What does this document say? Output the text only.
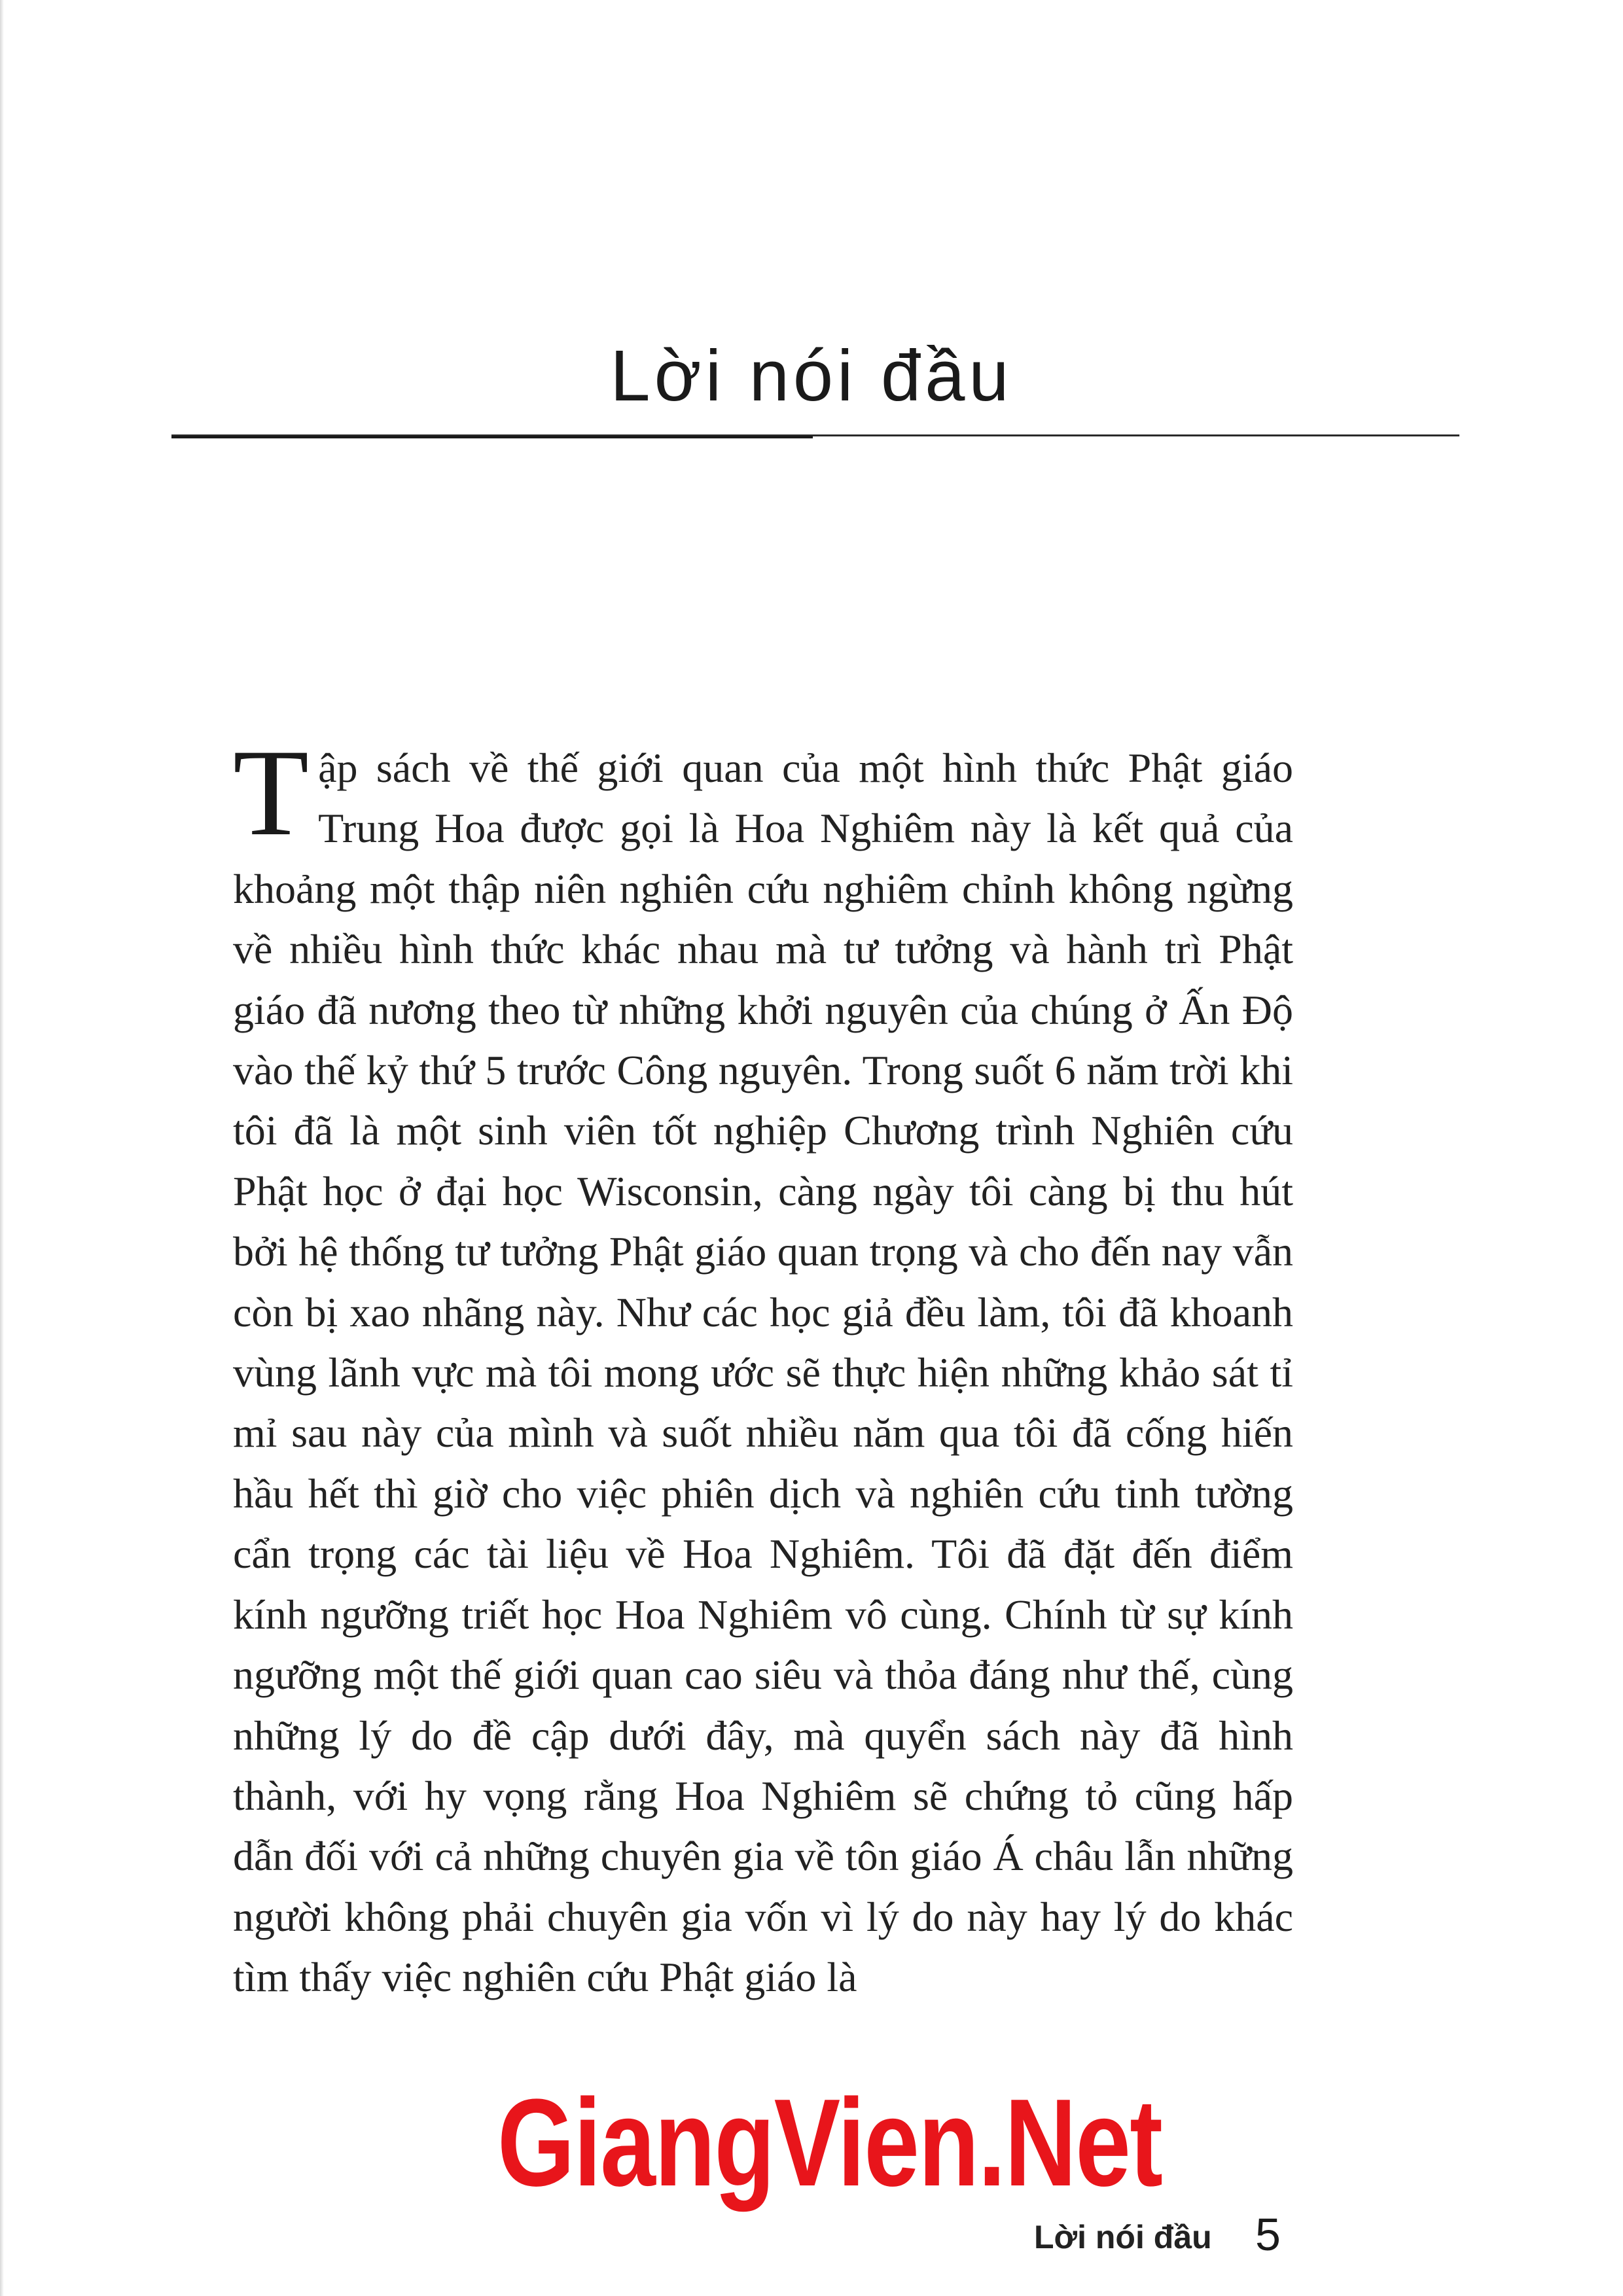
Lời nói đầu

Tập sách về thế giới quan của một hình thức Phật giáo Trung Hoa được gọi là Hoa Nghiêm này là kết quả của khoảng một thập niên nghiên cứu nghiêm chỉnh không ngừng về nhiều hình thức khác nhau mà tư tưởng và hành trì Phật giáo đã nương theo từ những khởi nguyên của chúng ở Ấn Độ vào thế kỷ thứ 5 trước Công nguyên. Trong suốt 6 năm trời khi tôi đã là một sinh viên tốt nghiệp Chương trình Nghiên cứu Phật học ở đại học Wisconsin, càng ngày tôi càng bị thu hút bởi hệ thống tư tưởng Phật giáo quan trọng và cho đến nay vẫn còn bị xao nhãng này. Như các học giả đều làm, tôi đã khoanh vùng lãnh vực mà tôi mong ước sẽ thực hiện những khảo sát tỉ mỉ sau này của mình và suốt nhiều năm qua tôi đã cống hiến hầu hết thì giờ cho việc phiên dịch và nghiên cứu tinh tường cẩn trọng các tài liệu về Hoa Nghiêm. Tôi đã đặt đến điểm kính ngưỡng triết học Hoa Nghiêm vô cùng. Chính từ sự kính ngưỡng một thế giới quan cao siêu và thỏa đáng như thế, cùng những lý do đề cập dưới đây, mà quyển sách này đã hình thành, với hy vọng rằng Hoa Nghiêm sẽ chứng tỏ cũng hấp dẫn đối với cả những chuyên gia về tôn giáo Á châu lẫn những người không phải chuyên gia vốn vì lý do này hay lý do khác tìm thấy việc nghiên cứu Phật giáo là

GiangVien.Net
Lời nói đầu 5
